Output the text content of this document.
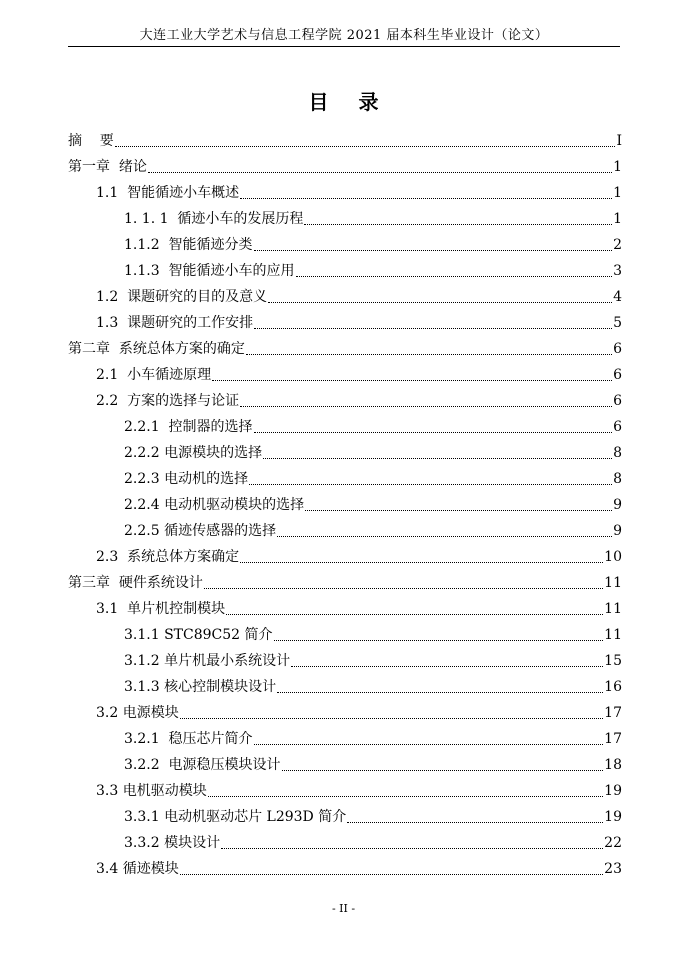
大连工业大学艺术与信息工程学院 2021 届本科生毕业设计（论文）
目录
摘    要	I
第一章  绪论	1
1.1  智能循迹小车概述	1
1. 1. 1  循迹小车的发展历程	1
1.1.2  智能循迹分类	2
1.1.3  智能循迹小车的应用	3
1.2  课题研究的目的及意义	4
1.3  课题研究的工作安排	5
第二章  系统总体方案的确定	6
2.1  小车循迹原理	6
2.2  方案的选择与论证	6
2.2.1  控制器的选择	6
2.2.2 电源模块的选择	8
2.2.3 电动机的选择	8
2.2.4 电动机驱动模块的选择	9
2.2.5 循迹传感器的选择	9
2.3  系统总体方案确定	10
第三章  硬件系统设计	11
3.1  单片机控制模块	11
3.1.1 STC89C52 简介	11
3.1.2 单片机最小系统设计	15
3.1.3 核心控制模块设计	16
3.2 电源模块	17
3.2.1  稳压芯片简介	17
3.2.2  电源稳压模块设计	18
3.3 电机驱动模块	19
3.3.1 电动机驱动芯片 L293D 简介	19
3.3.2 模块设计	22
3.4 循迹模块	23
- II -
